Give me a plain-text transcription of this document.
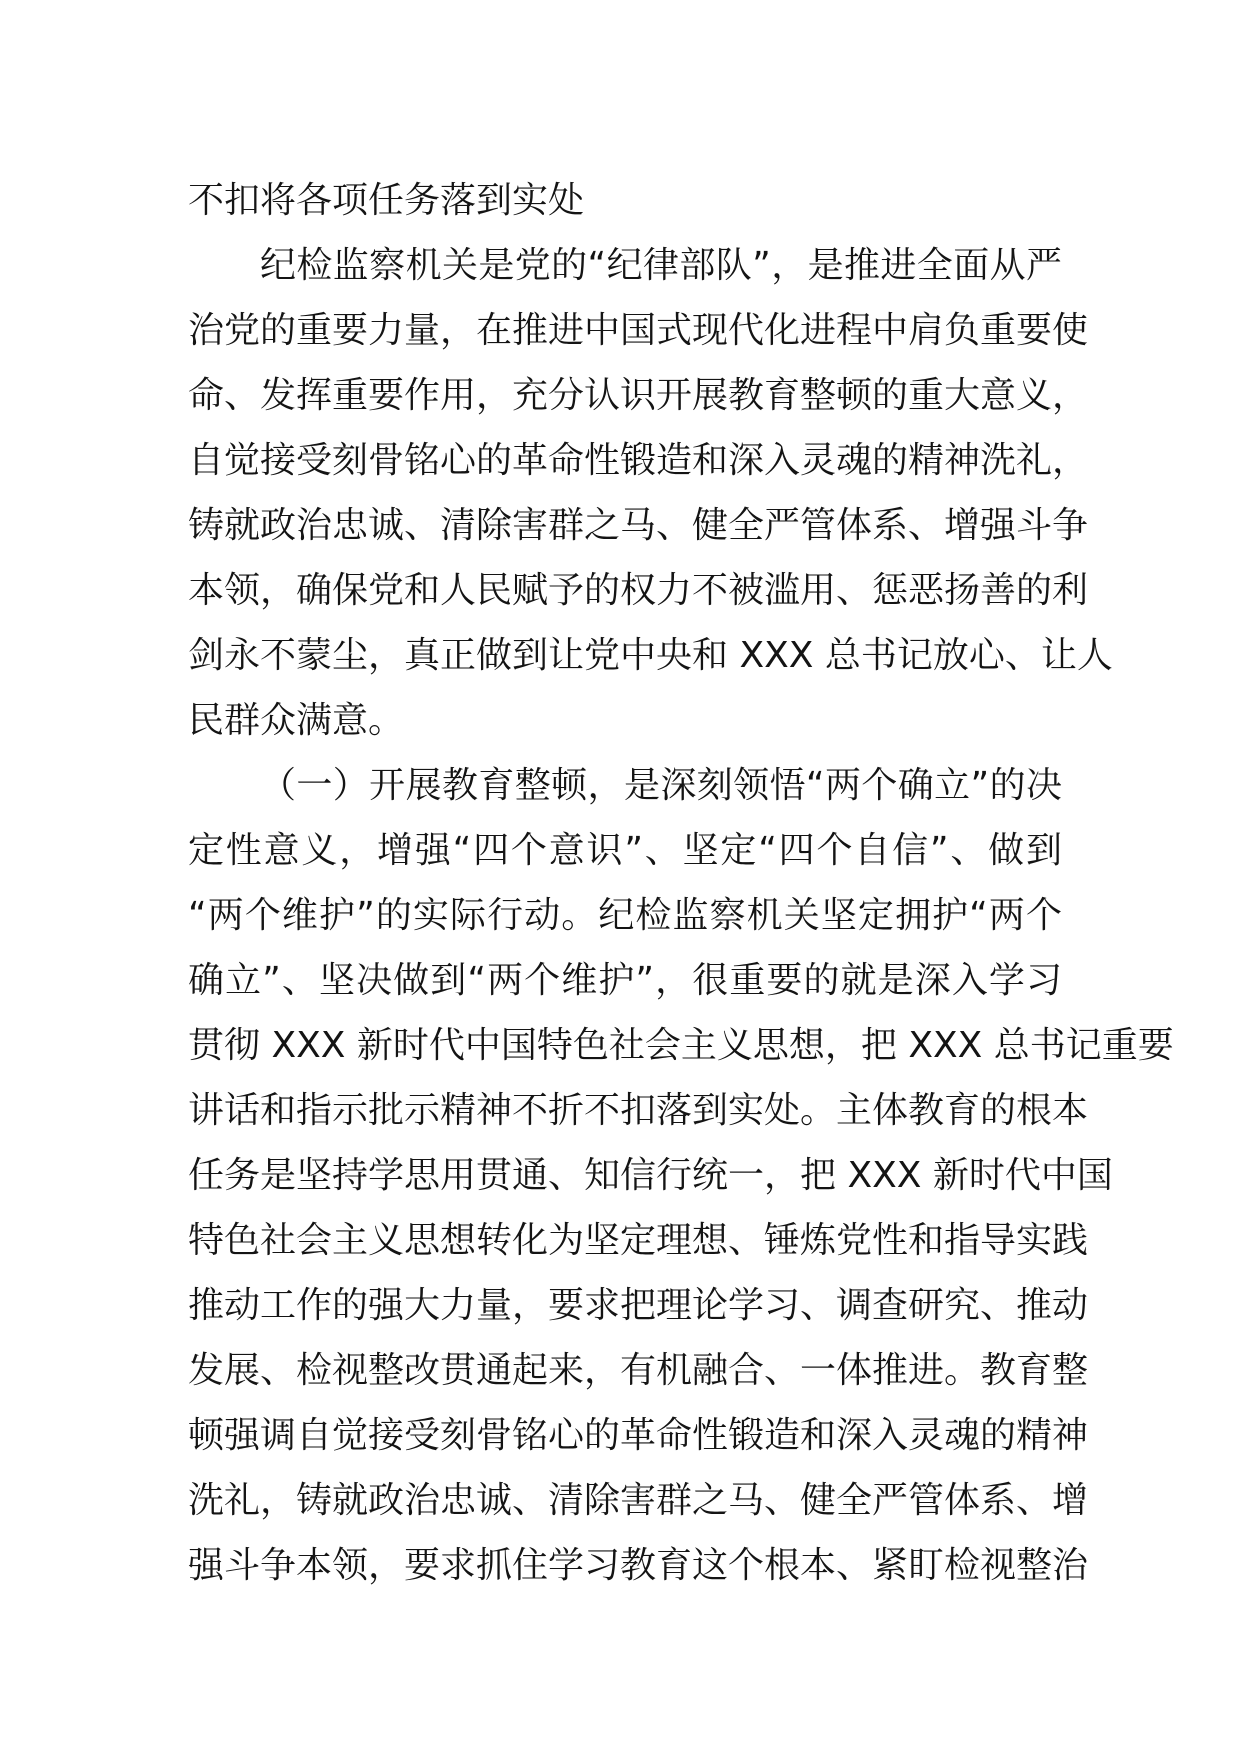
不扣将各项任务落到实处
纪检监察机关是党的“纪律部队”，是推进全面从严
治党的重要力量，在推进中国式现代化进程中肩负重要使
命、发挥重要作用，充分认识开展教育整顿的重大意义，
自觉接受刻骨铭心的革命性锻造和深入灵魂的精神洗礼，
铸就政治忠诚、清除害群之马、健全严管体系、增强斗争
本领，确保党和人民赋予的权力不被滥用、惩恶扬善的利
剑永不蒙尘，真正做到让党中央和 XXX 总书记放心、让人
民群众满意。
（一）开展教育整顿，是深刻领悟“两个确立”的决
定性意义，增强“四个意识”、坚定“四个自信”、做到
“两个维护”的实际行动。纪检监察机关坚定拥护“两个
确立”、坚决做到“两个维护”，很重要的就是深入学习
贯彻 XXX 新时代中国特色社会主义思想，把 XXX 总书记重要
讲话和指示批示精神不折不扣落到实处。主体教育的根本
任务是坚持学思用贯通、知信行统一，把 XXX 新时代中国
特色社会主义思想转化为坚定理想、锤炼党性和指导实践
推动工作的强大力量，要求把理论学习、调查研究、推动
发展、检视整改贯通起来，有机融合、一体推进。教育整
顿强调自觉接受刻骨铭心的革命性锻造和深入灵魂的精神
洗礼，铸就政治忠诚、清除害群之马、健全严管体系、增
强斗争本领，要求抓住学习教育这个根本、紧盯检视整治
